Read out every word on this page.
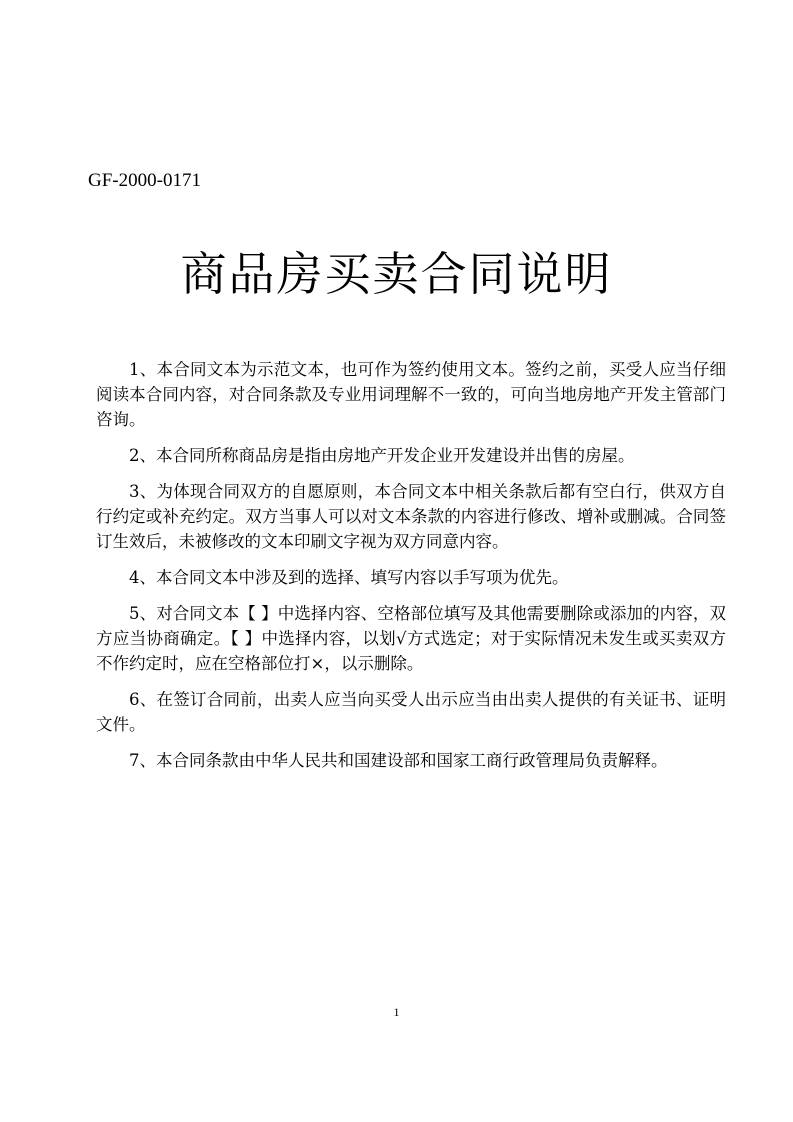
GF-2000-0171
商品房买卖合同说明

1、本合同文本为示范文本，也可作为签约使用文本。签约之前，买受人应当仔细阅读本合同内容，对合同条款及专业用词理解不一致的，可向当地房地产开发主管部门咨询。

2、本合同所称商品房是指由房地产开发企业开发建设并出售的房屋。

3、为体现合同双方的自愿原则，本合同文本中相关条款后都有空白行，供双方自行约定或补充约定。双方当事人可以对文本条款的内容进行修改、增补或删减。合同签订生效后，未被修改的文本印刷文字视为双方同意内容。

4、本合同文本中涉及到的选择、填写内容以手写项为优先。

5、对合同文本【 】中选择内容、空格部位填写及其他需要删除或添加的内容，双方应当协商确定。【 】中选择内容，以划√方式选定；对于实际情况未发生或买卖双方不作约定时，应在空格部位打×，以示删除。

6、在签订合同前，出卖人应当向买受人出示应当由出卖人提供的有关证书、证明文件。

7、本合同条款由中华人民共和国建设部和国家工商行政管理局负责解释。

1
